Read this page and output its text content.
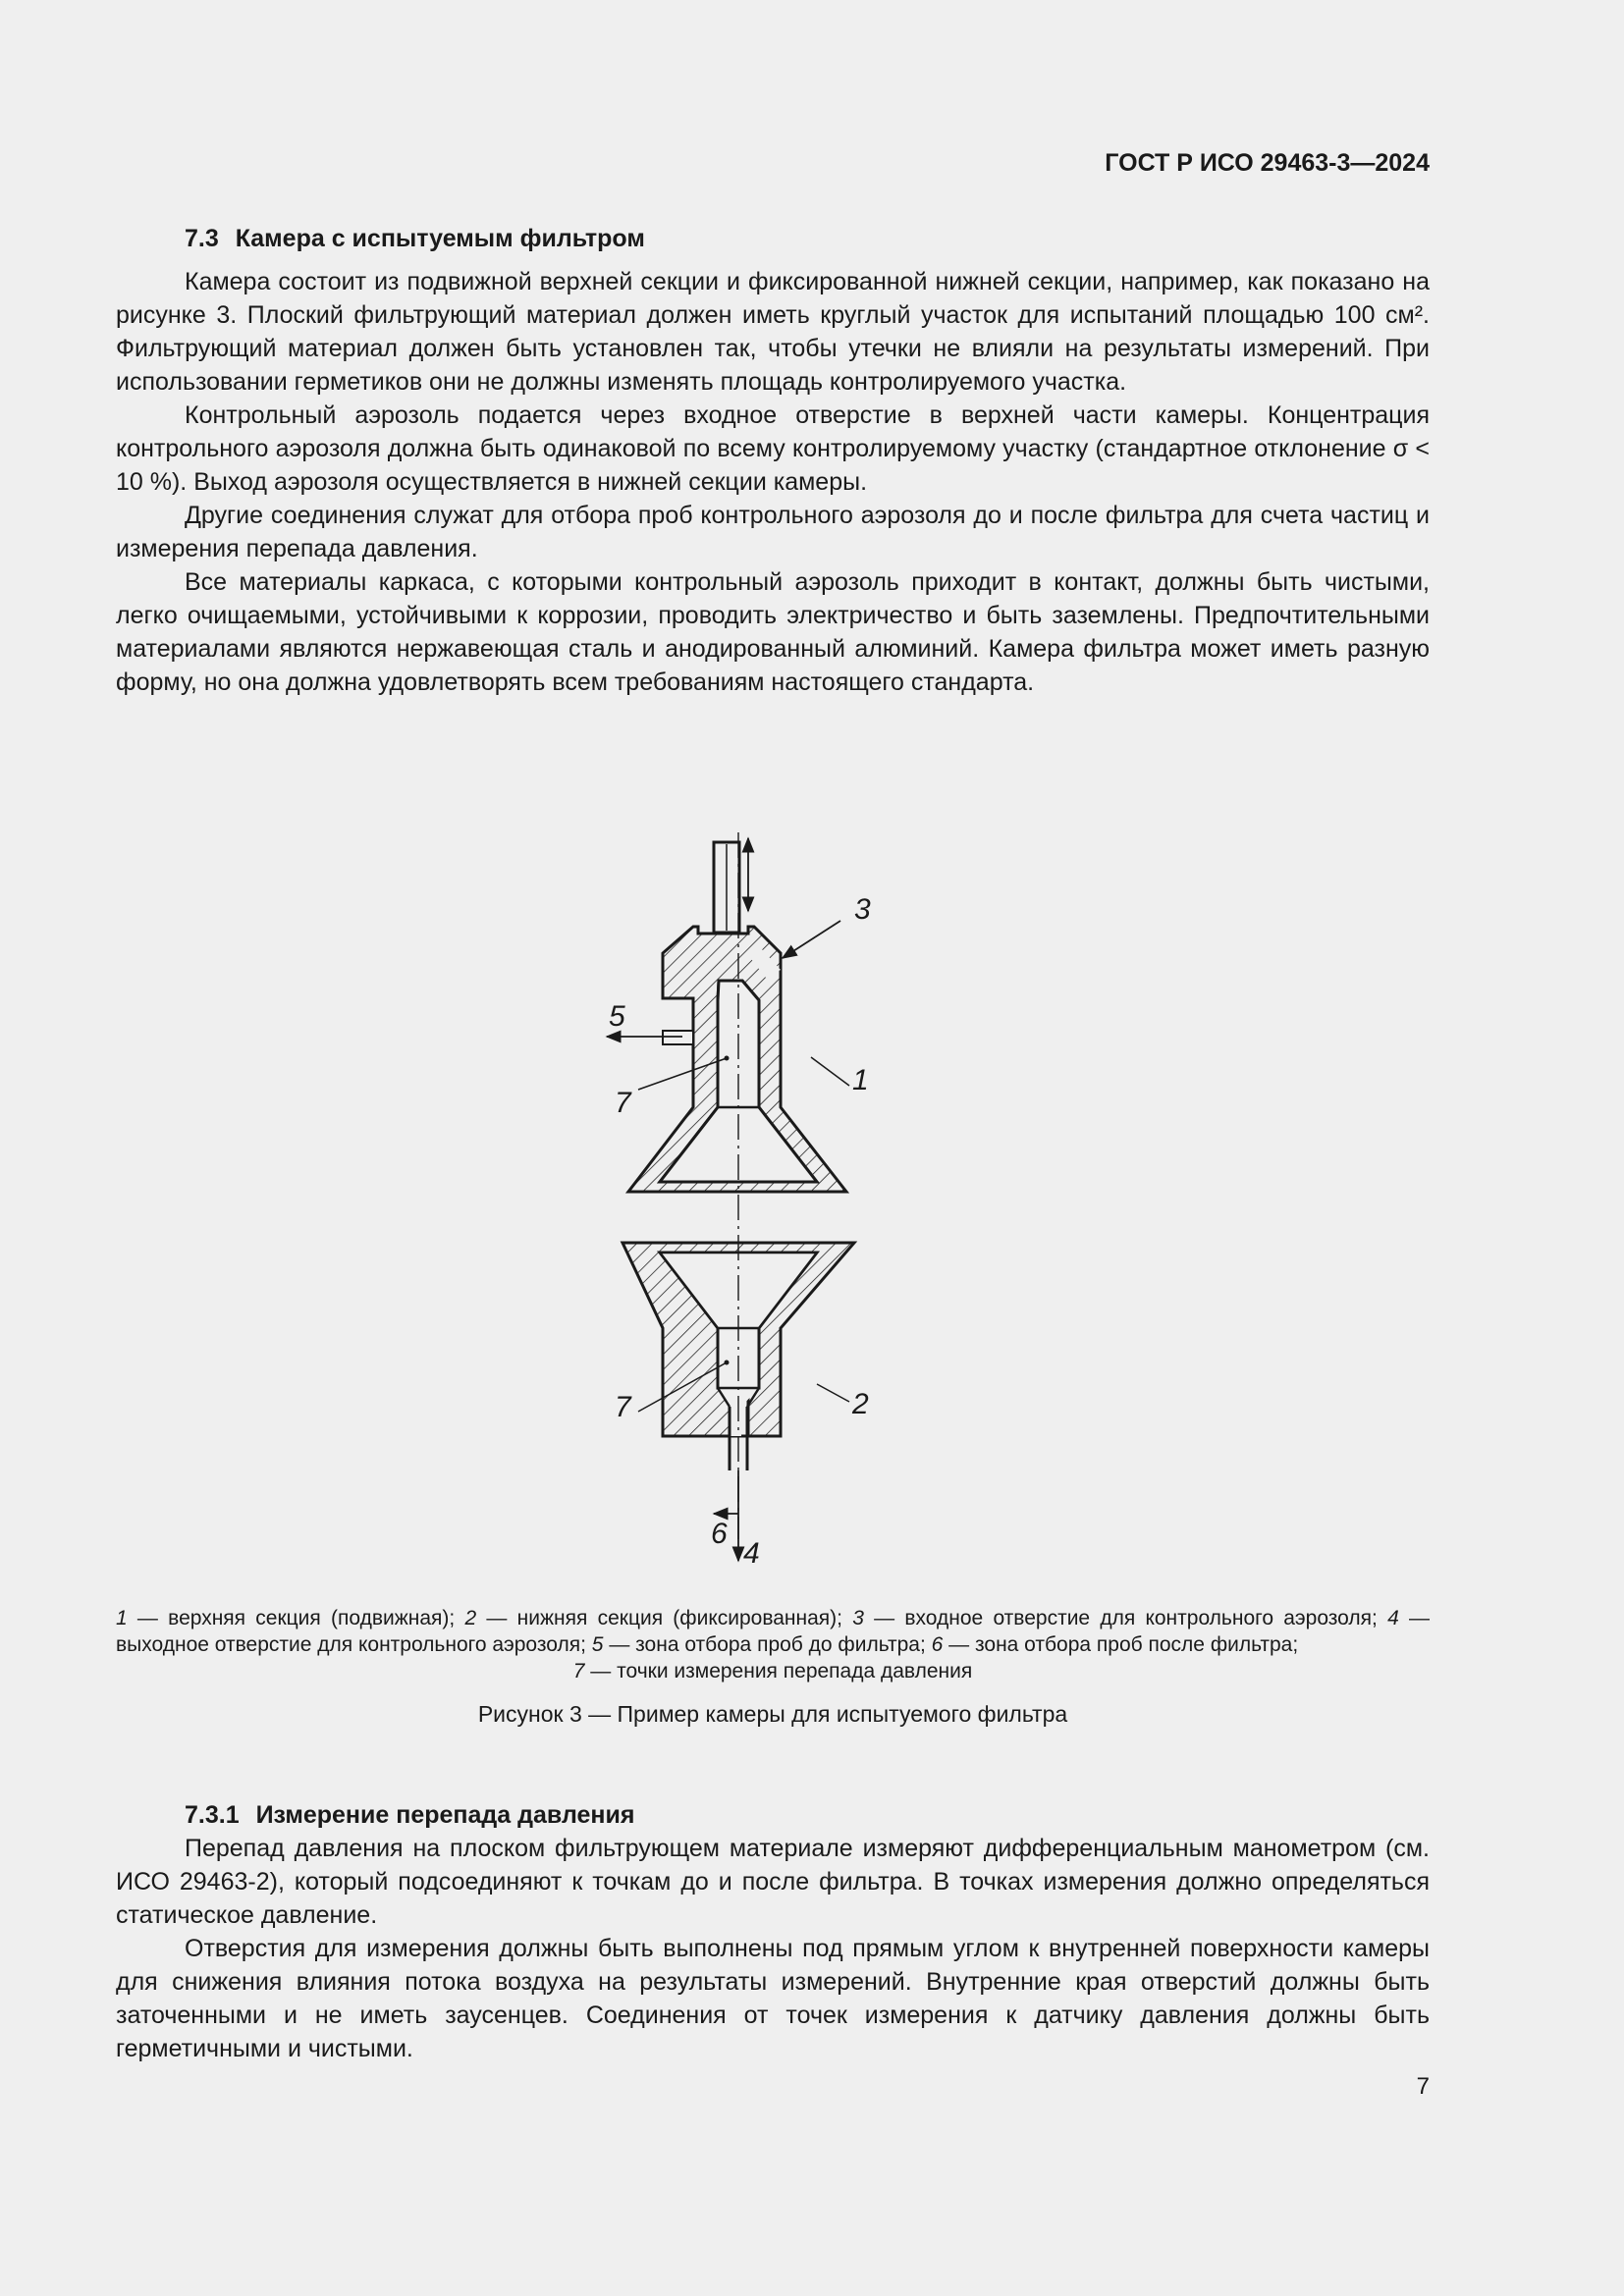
ГОСТ Р ИСО 29463-3—2024
7.3 Камера с испытуемым фильтром

Камера состоит из подвижной верхней секции и фиксированной нижней секции, например, как показано на рисунке 3. Плоский фильтрующий материал должен иметь круглый участок для испытаний площадью 100 см². Фильтрующий материал должен быть установлен так, чтобы утечки не влияли на результаты измерений. При использовании герметиков они не должны изменять площадь контролируемого участка.

Контрольный аэрозоль подается через входное отверстие в верхней части камеры. Концентрация контрольного аэрозоля должна быть одинаковой по всему контролируемому участку (стандартное отклонение σ < 10 %). Выход аэрозоля осуществляется в нижней секции камеры.

Другие соединения служат для отбора проб контрольного аэрозоля до и после фильтра для счета частиц и измерения перепада давления.

Все материалы каркаса, с которыми контрольный аэрозоль приходит в контакт, должны быть чистыми, легко очищаемыми, устойчивыми к коррозии, проводить электричество и быть заземлены. Предпочтительными материалами являются нержавеющая сталь и анодированный алюминий. Камера фильтра может иметь разную форму, но она должна удовлетворять всем требованиям настоящего стандарта.

3
5
7
1
7	2
6
4
1 — верхняя секция (подвижная); 2 — нижняя секция (фиксированная); 3 — входное отверстие для контрольного аэрозоля; 4 — выходное отверстие для контрольного аэрозоля; 5 — зона отбора проб до фильтра; 6 — зона отбора проб после фильтра;
7 — точки измерения перепада давления
Рисунок 3 — Пример камеры для испытуемого фильтра
7.3.1 Измерение перепада давления

Перепад давления на плоском фильтрующем материале измеряют дифференциальным манометром (см. ИСО 29463-2), который подсоединяют к точкам до и после фильтра. В точках измерения должно определяться статическое давление.

Отверстия для измерения должны быть выполнены под прямым углом к внутренней поверхности камеры для снижения влияния потока воздуха на результаты измерений. Внутренние края отверстий должны быть заточенными и не иметь заусенцев. Соединения от точек измерения к датчику давления должны быть герметичными и чистыми.

7
